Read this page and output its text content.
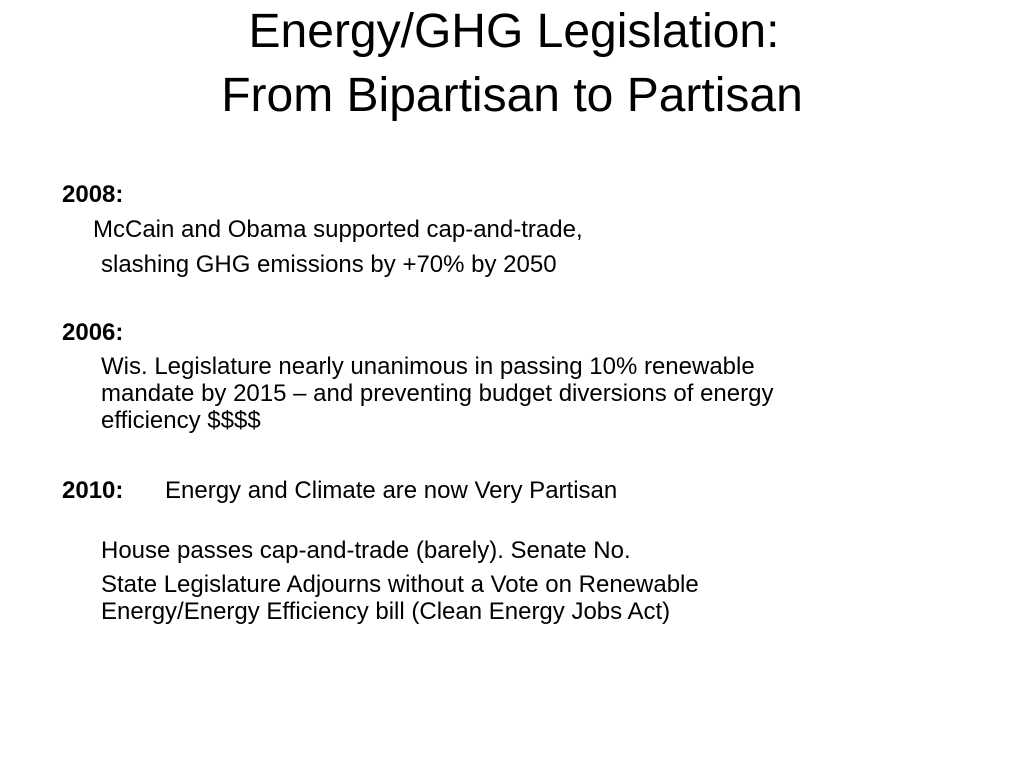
Energy/GHG Legislation:
From Bipartisan to Partisan
2008:
McCain and Obama supported cap-and-trade,
slashing GHG emissions by +70% by 2050
2006:
Wis. Legislature nearly unanimous in passing 10% renewable
mandate by 2015 – and preventing budget diversions of energy
efficiency $$$$
2010: Energy and Climate are now Very Partisan
House passes cap-and-trade (barely). Senate No.
State Legislature Adjourns without a Vote on Renewable
Energy/Energy Efficiency bill (Clean Energy Jobs Act)
